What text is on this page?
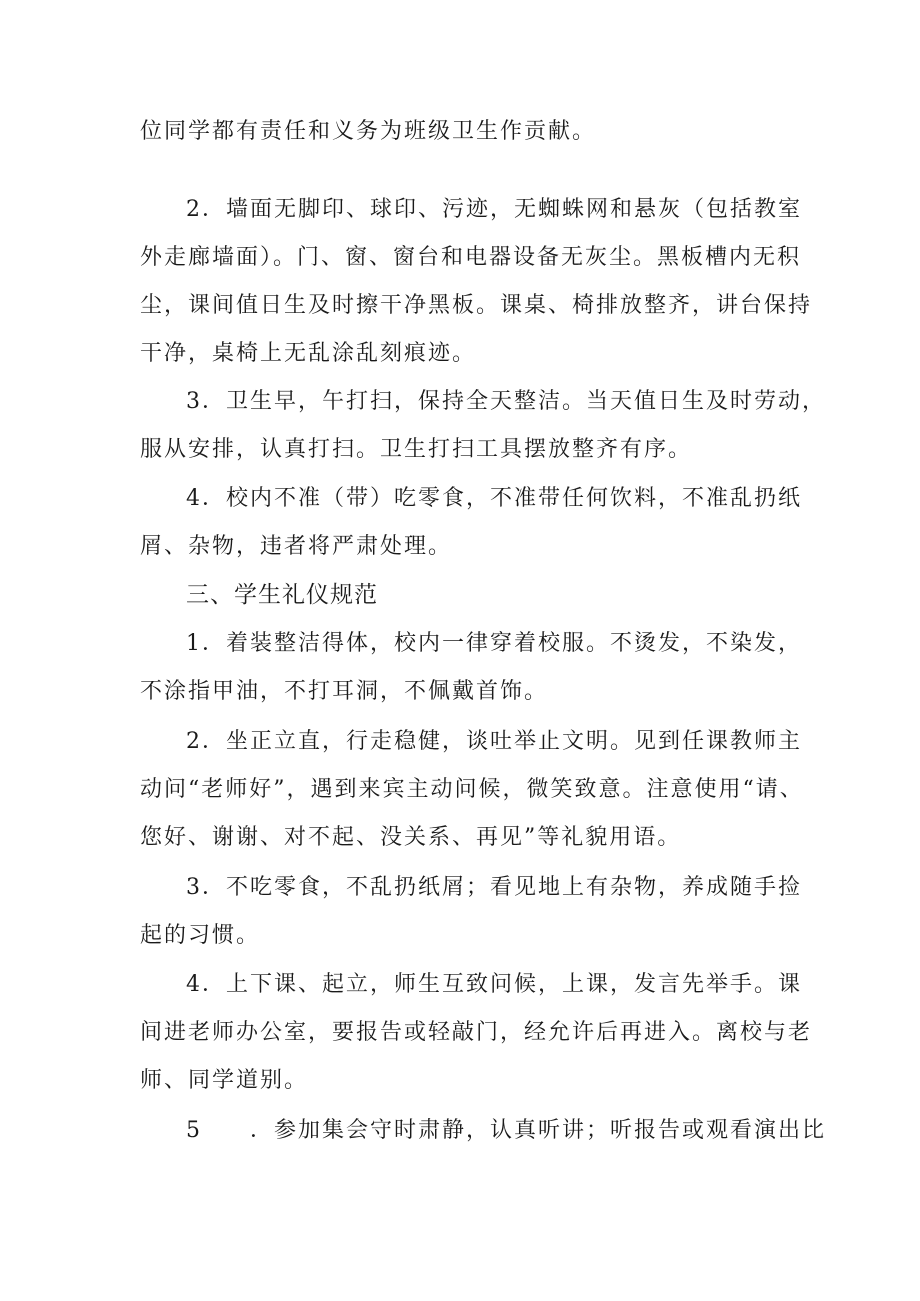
位同学都有责任和义务为班级卫生作贡献。
2．墙面无脚印、球印、污迹，无蜘蛛网和悬灰（包括教室
外走廊墙面）。门、窗、窗台和电器设备无灰尘。黑板槽内无积
尘，课间值日生及时擦干净黑板。课桌、椅排放整齐，讲台保持
干净，桌椅上无乱涂乱刻痕迹。
3．卫生早，午打扫，保持全天整洁。当天值日生及时劳动，
服从安排，认真打扫。卫生打扫工具摆放整齐有序。
4．校内不准（带）吃零食，不准带任何饮料，不准乱扔纸
屑、杂物，违者将严肃处理。
三、学生礼仪规范
1．着装整洁得体，校内一律穿着校服。不烫发，不染发，
不涂指甲油，不打耳洞，不佩戴首饰。
2．坐正立直，行走稳健，谈吐举止文明。见到任课教师主
动问“老师好”，遇到来宾主动问候，微笑致意。注意使用“请、
您好、谢谢、对不起、没关系、再见”等礼貌用语。
3．不吃零食，不乱扔纸屑；看见地上有杂物，养成随手捡
起的习惯。
4．上下课、起立，师生互致问候，上课，发言先举手。课
间进老师办公室，要报告或轻敲门，经允许后再进入。离校与老
师、同学道别。
5　　．参加集会守时肃静，认真听讲；听报告或观看演出比
